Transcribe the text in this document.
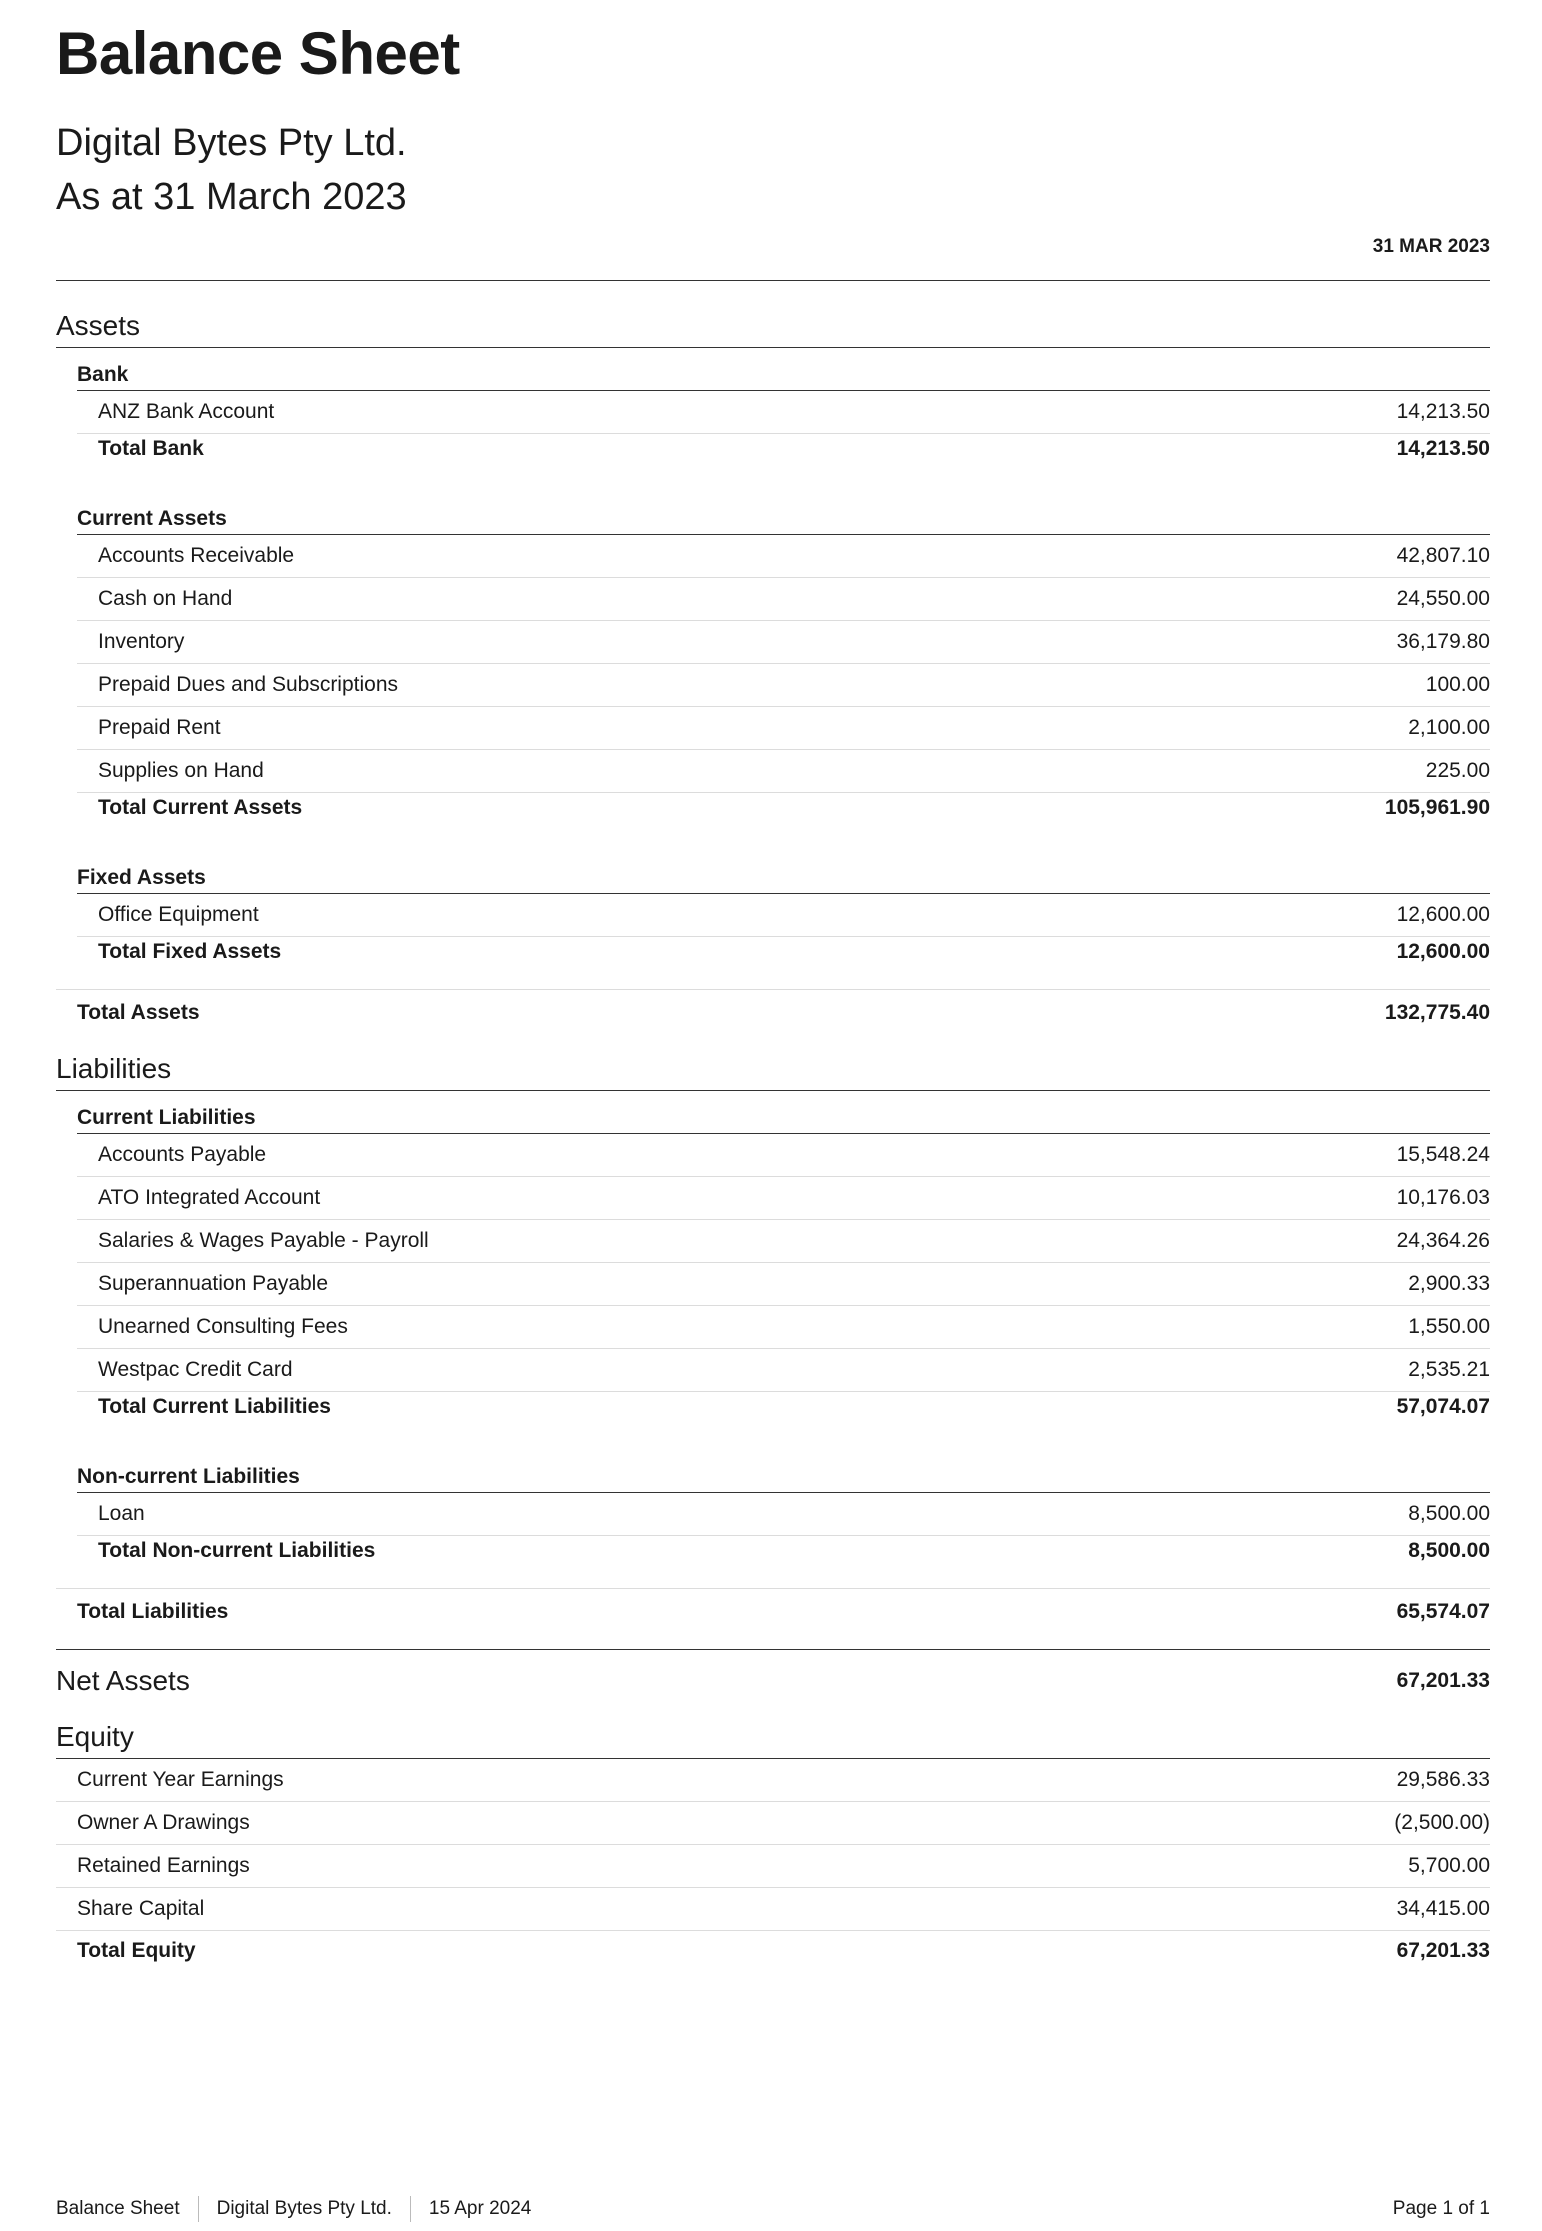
Balance Sheet
Digital Bytes Pty Ltd.
As at 31 March 2023
31 MAR 2023
Assets
Bank
ANZ Bank Account	14,213.50
Total Bank	14,213.50
Current Assets
Accounts Receivable	42,807.10
Cash on Hand	24,550.00
Inventory	36,179.80
Prepaid Dues and Subscriptions	100.00
Prepaid Rent	2,100.00
Supplies on Hand	225.00
Total Current Assets	105,961.90
Fixed Assets
Office Equipment	12,600.00
Total Fixed Assets	12,600.00
Total Assets	132,775.40
Liabilities
Current Liabilities
Accounts Payable	15,548.24
ATO Integrated Account	10,176.03
Salaries & Wages Payable - Payroll	24,364.26
Superannuation Payable	2,900.33
Unearned Consulting Fees	1,550.00
Westpac Credit Card	2,535.21
Total Current Liabilities	57,074.07
Non-current Liabilities
Loan	8,500.00
Total Non-current Liabilities	8,500.00
Total Liabilities	65,574.07
Net Assets	67,201.33
Equity
Current Year Earnings	29,586.33
Owner A Drawings	(2,500.00)
Retained Earnings	5,700.00
Share Capital	34,415.00
Total Equity	67,201.33
Balance Sheet	Digital Bytes Pty Ltd.	15 Apr 2024	Page 1 of 1
